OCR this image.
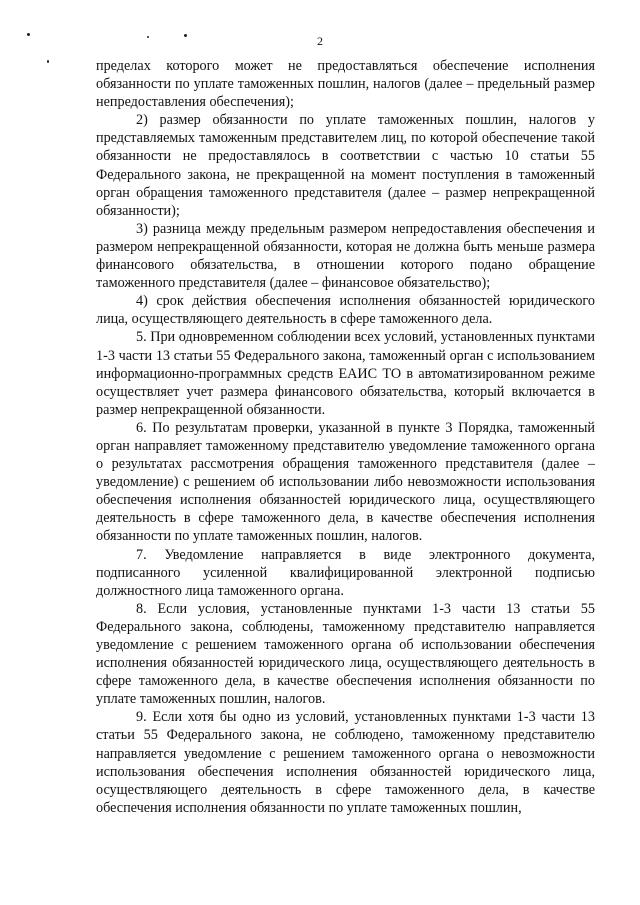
2

пределах которого может не предоставляться обеспечение исполнения обязанности по уплате таможенных пошлин, налогов (далее – предельный размер непредоставления обеспечения);

2) размер обязанности по уплате таможенных пошлин, налогов у представляемых таможенным представителем лиц, по которой обеспечение такой обязанности не предоставлялось в соответствии с частью 10 статьи 55 Федерального закона, не прекращенной на момент поступления в таможенный орган обращения таможенного представителя (далее – размер непрекращенной обязанности);

3) разница между предельным размером непредоставления обеспечения и размером непрекращенной обязанности, которая не должна быть меньше размера финансового обязательства, в отношении которого подано обращение таможенного представителя (далее – финансовое обязательство);

4) срок действия обеспечения исполнения обязанностей юридического лица, осуществляющего деятельность в сфере таможенного дела.

5. При одновременном соблюдении всех условий, установленных пунктами 1-3 части 13 статьи 55 Федерального закона, таможенный орган с использованием информационно-программных средств ЕАИС ТО в автоматизированном режиме осуществляет учет размера финансового обязательства, который включается в размер непрекращенной обязанности.

6. По результатам проверки, указанной в пункте 3 Порядка, таможенный орган направляет таможенному представителю уведомление таможенного органа о результатах рассмотрения обращения таможенного представителя (далее – уведомление) с решением об использовании либо невозможности использования обеспечения исполнения обязанностей юридического лица, осуществляющего деятельность в сфере таможенного дела, в качестве обеспечения исполнения обязанности по уплате таможенных пошлин, налогов.

7. Уведомление направляется в виде электронного документа, подписанного усиленной квалифицированной электронной подписью должностного лица таможенного органа.

8. Если условия, установленные пунктами 1-3 части 13 статьи 55 Федерального закона, соблюдены, таможенному представителю направляется уведомление с решением таможенного органа об использовании обеспечения исполнения обязанностей юридического лица, осуществляющего деятельность в сфере таможенного дела, в качестве обеспечения исполнения обязанности по уплате таможенных пошлин, налогов.

9. Если хотя бы одно из условий, установленных пунктами 1-3 части 13 статьи 55 Федерального закона, не соблюдено, таможенному представителю направляется уведомление с решением таможенного органа о невозможности использования обеспечения исполнения обязанностей юридического лица, осуществляющего деятельность в сфере таможенного дела, в качестве обеспечения исполнения обязанности по уплате таможенных пошлин,
